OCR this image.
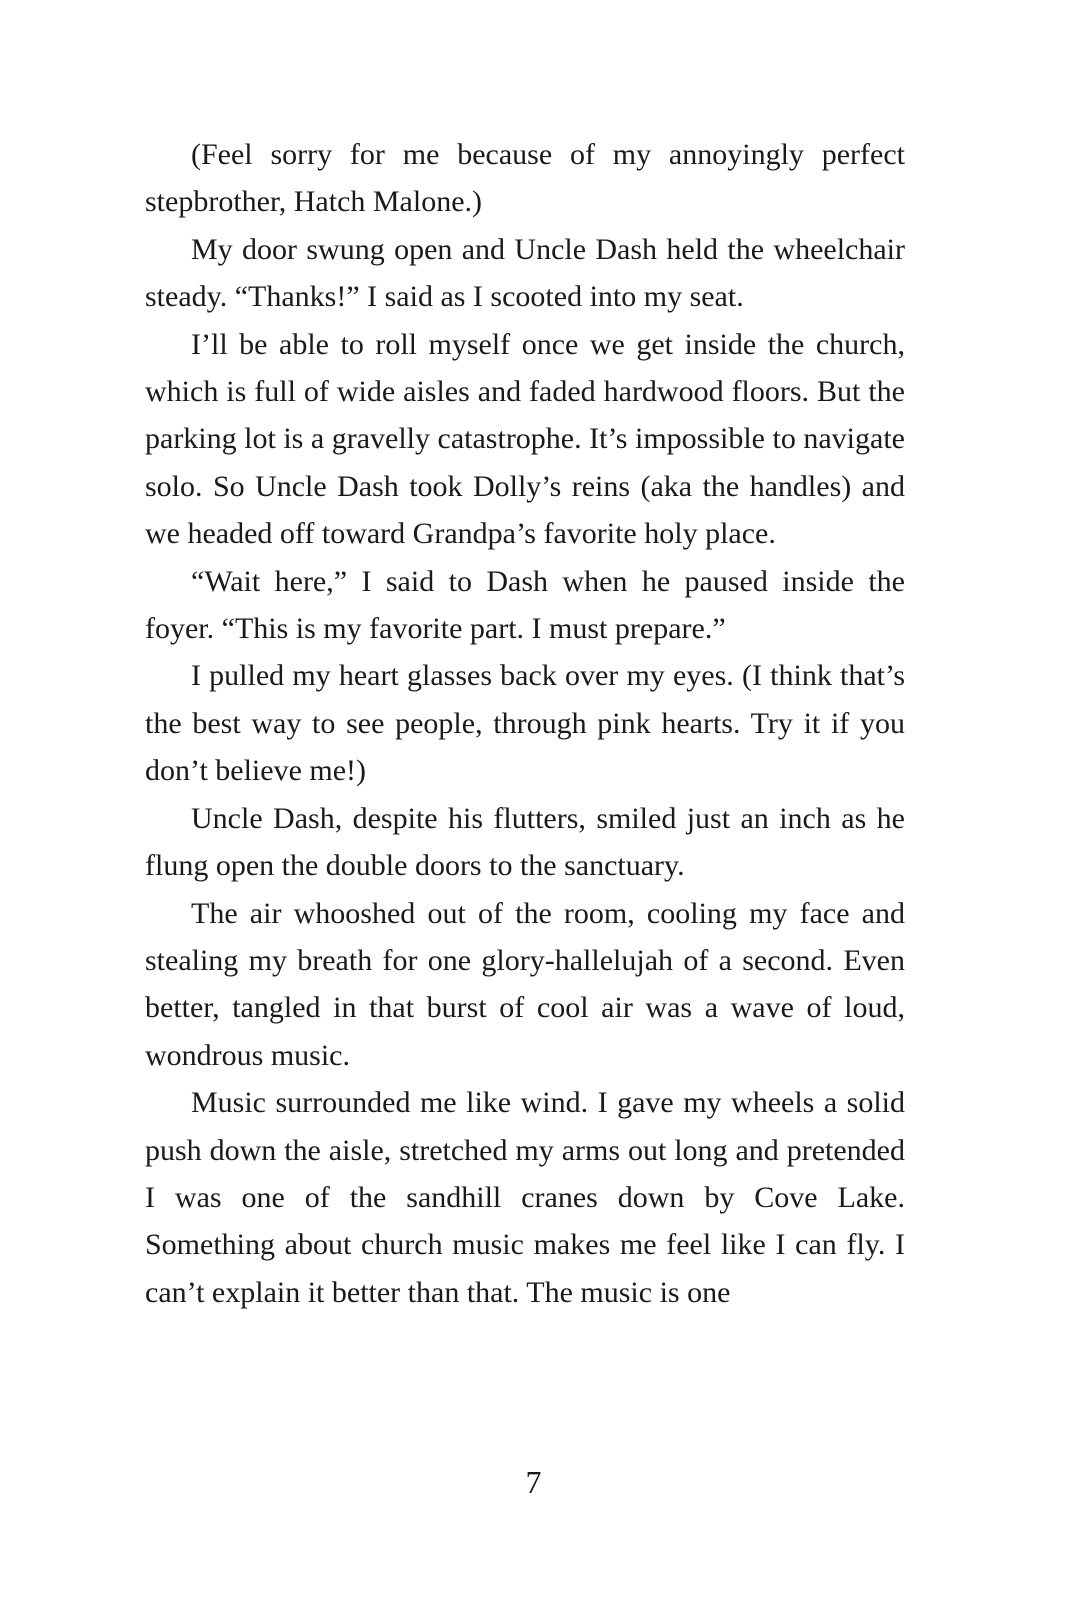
(Feel sorry for me because of my annoyingly perfect stepbrother, Hatch Malone.)

My door swung open and Uncle Dash held the wheelchair steady. “Thanks!” I said as I scooted into my seat.

I’ll be able to roll myself once we get inside the church, which is full of wide aisles and faded hardwood floors. But the parking lot is a gravelly catastrophe. It’s impossible to navigate solo. So Uncle Dash took Dolly’s reins (aka the handles) and we headed off toward Grandpa’s favorite holy place.

“Wait here,” I said to Dash when he paused inside the foyer. “This is my favorite part. I must prepare.”

I pulled my heart glasses back over my eyes. (I think that’s the best way to see people, through pink hearts. Try it if you don’t believe me!)

Uncle Dash, despite his flutters, smiled just an inch as he flung open the double doors to the sanctuary.

The air whooshed out of the room, cooling my face and stealing my breath for one glory-hallelujah of a second. Even better, tangled in that burst of cool air was a wave of loud, wondrous music.

Music surrounded me like wind. I gave my wheels a solid push down the aisle, stretched my arms out long and pretended I was one of the sandhill cranes down by Cove Lake. Something about church music makes me feel like I can fly. I can’t explain it better than that. The music is one

7
